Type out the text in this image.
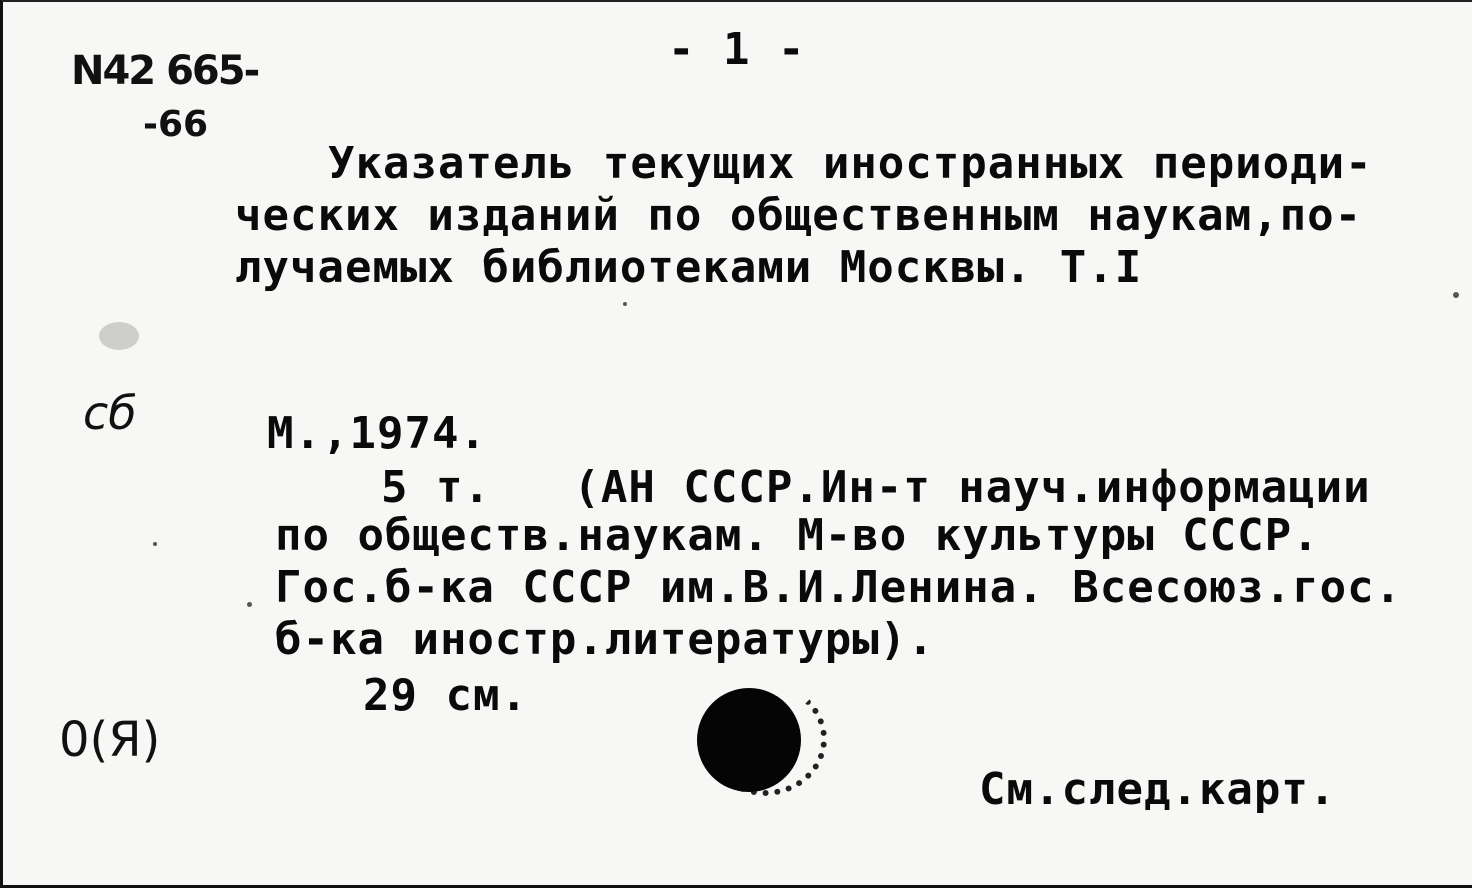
- 1 -
N42 665-
-66
Указатель текущих иностранных периоди-
ческих изданий по общественным наукам,по-
лучаемых библиотеками Москвы. Т.I
сб	М.,1974.
5 т.   (АН СССР.Ин-т науч.информации
по обществ.наукам. М-во культуры СССР.
Гос.б-ка СССР им.В.И.Ленина. Всесоюз.гос.
б-ка иностр.литературы).
29 см.
0(Я)
См.след.карт.
